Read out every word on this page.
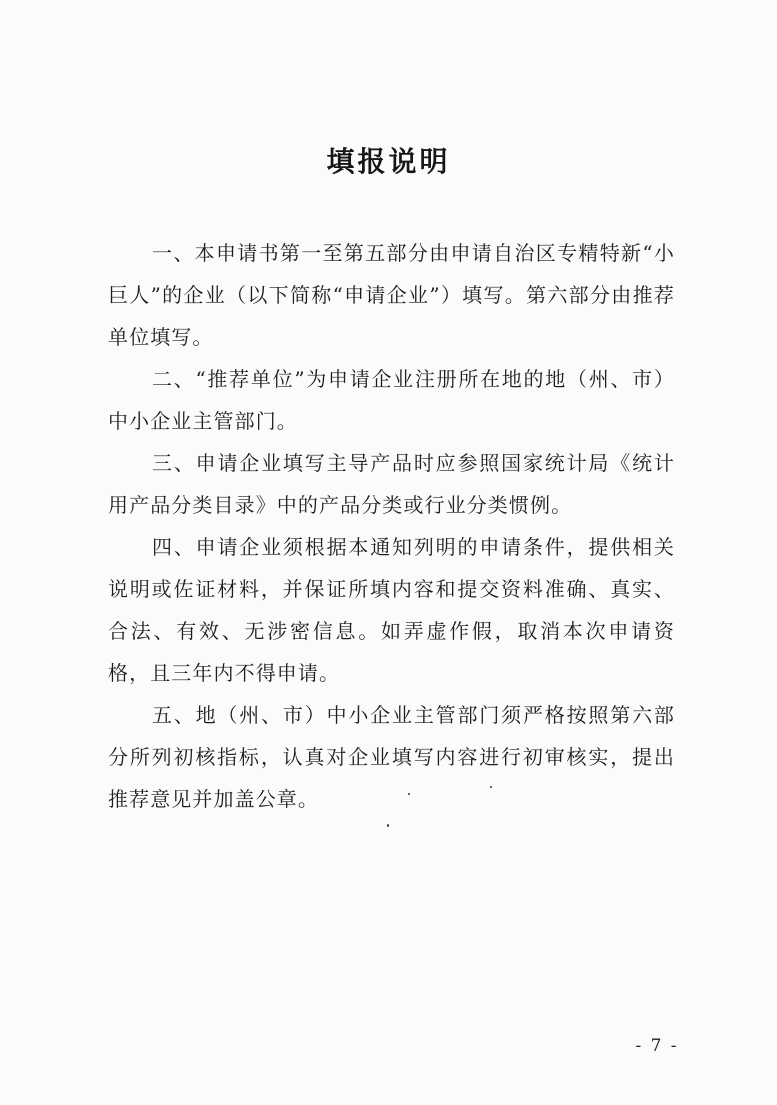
填报说明

一、本申请书第一至第五部分由申请自治区专精特新“小巨人”的企业（以下简称“申请企业”）填写。第六部分由推荐单位填写。

二、“推荐单位”为申请企业注册所在地的地（州、市）中小企业主管部门。

三、申请企业填写主导产品时应参照国家统计局《统计用产品分类目录》中的产品分类或行业分类惯例。

四、申请企业须根据本通知列明的申请条件，提供相关说明或佐证材料，并保证所填内容和提交资料准确、真实、合法、有效、无涉密信息。如弄虚作假，取消本次申请资格，且三年内不得申请。

五、地（州、市）中小企业主管部门须严格按照第六部分所列初核指标，认真对企业填写内容进行初审核实，提出推荐意见并加盖公章。

- 7 -
